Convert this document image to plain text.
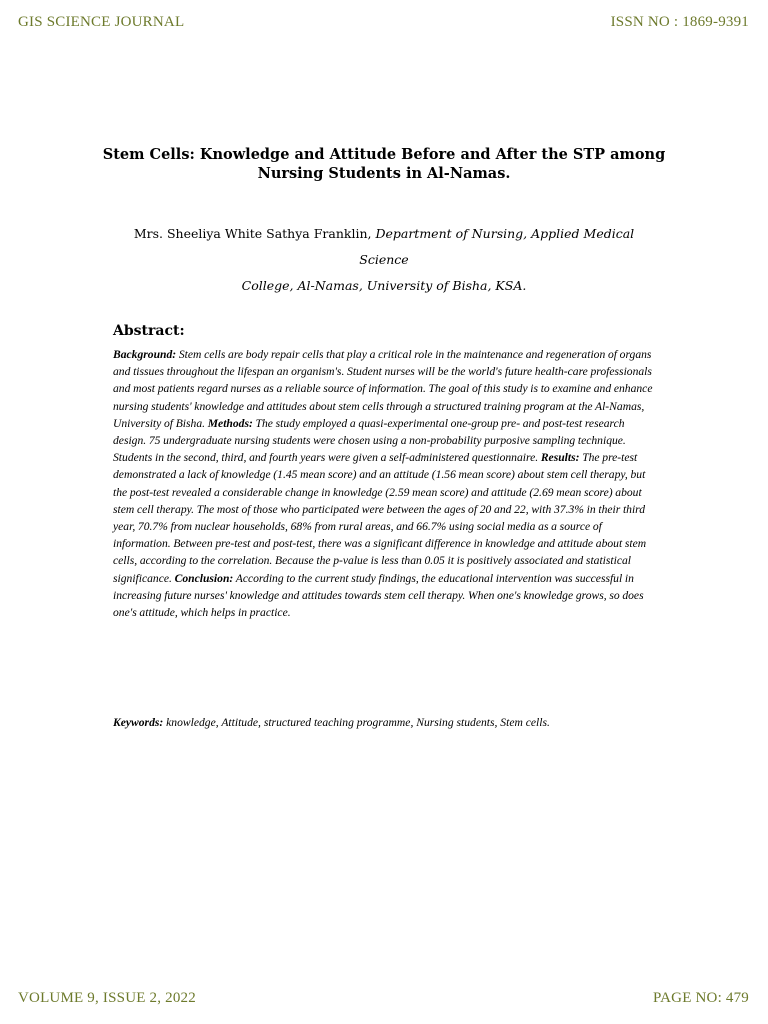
GIS SCIENCE JOURNAL	ISSN NO : 1869-9391
Stem Cells: Knowledge and Attitude Before and After the STP among
Nursing Students in Al-Namas.
Mrs. Sheeliya White Sathya Franklin, Department of Nursing, Applied Medical Science
College, Al-Namas, University of Bisha, KSA.
Abstract:
Background: Stem cells are body repair cells that play a critical role in the maintenance and regeneration of organs and tissues throughout the lifespan an organism's. Student nurses will be the world's future health-care professionals and most patients regard nurses as a reliable source of information. The goal of this study is to examine and enhance nursing students' knowledge and attitudes about stem cells through a structured training program at the Al-Namas, University of Bisha. Methods: The study employed a quasi-experimental one-group pre- and post-test research design. 75 undergraduate nursing students were chosen using a non-probability purposive sampling technique. Students in the second, third, and fourth years were given a self-administered questionnaire. Results: The pre-test demonstrated a lack of knowledge (1.45 mean score) and an attitude (1.56 mean score) about stem cell therapy, but the post-test revealed a considerable change in knowledge (2.59 mean score) and attitude (2.69 mean score) about stem cell therapy. The most of those who participated were between the ages of 20 and 22, with 37.3% in their third year, 70.7% from nuclear households, 68% from rural areas, and 66.7% using social media as a source of information. Between pre-test and post-test, there was a significant difference in knowledge and attitude about stem cells, according to the correlation. Because the p-value is less than 0.05 it is positively associated and statistical significance. Conclusion: According to the current study findings, the educational intervention was successful in increasing future nurses' knowledge and attitudes towards stem cell therapy. When one's knowledge grows, so does one's attitude, which helps in practice.
Keywords: knowledge, Attitude, structured teaching programme, Nursing students, Stem cells.
VOLUME 9, ISSUE 2, 2022	PAGE NO: 479
